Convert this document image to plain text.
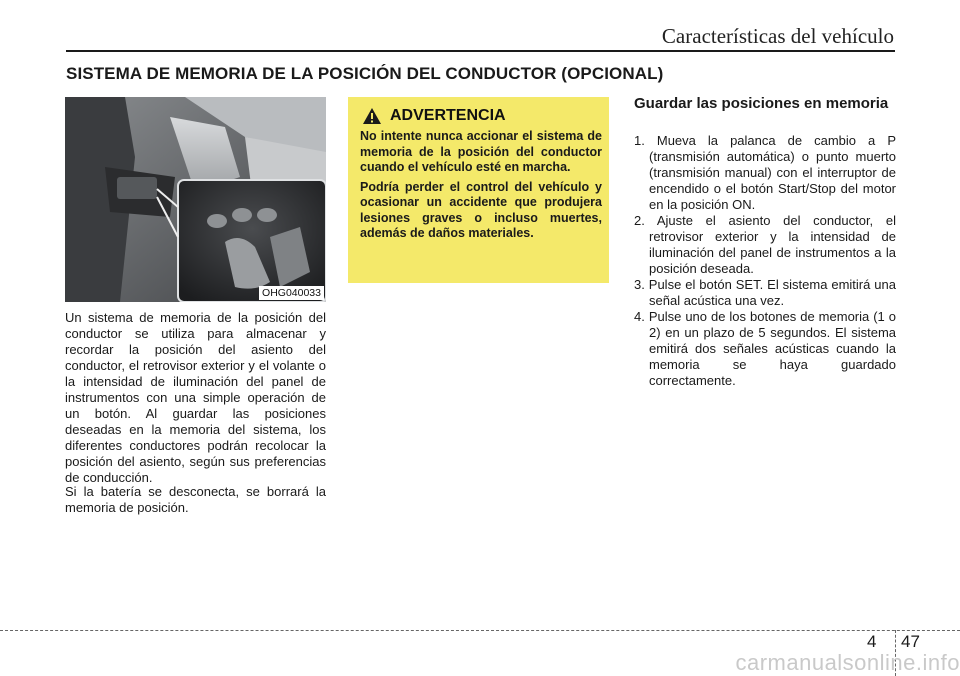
Características del vehículo
SISTEMA DE MEMORIA DE LA POSICIÓN DEL CONDUCTOR (OPCIONAL)
OHG040033
Un sistema de memoria de la posición del conductor se utiliza para almacenar y recordar la posición del asiento del conductor, el retrovisor exterior y el volante o la intensidad de iluminación del panel de instrumentos con una simple operación de un botón. Al guardar las posiciones deseadas en la memoria del sistema, los diferentes conductores podrán recolocar la posición del asiento, según sus preferencias de conducción.
Si la batería se desconecta, se borrará la memoria de posición.
ADVERTENCIA

No intente nunca accionar el sistema de memoria de la posición del conductor cuando el vehículo esté en marcha.

Podría perder el control del vehículo y ocasionar un accidente que produjera lesiones graves o incluso muertes, además de daños materiales.

Guardar las posiciones en memoria
1. Mueva la palanca de cambio a P (transmisión automática) o punto muerto (transmisión manual) con el interruptor de encendido o el botón Start/Stop del motor en la posición ON.
2. Ajuste el asiento del conductor, el retrovisor exterior y la intensidad de iluminación del panel de instrumentos a la posición deseada.
3. Pulse el botón SET. El sistema emitirá una señal acústica una vez.
4. Pulse uno de los botones de memoria (1 o 2) en un plazo de 5 segundos. El sistema emitirá dos señales acústicas cuando la memoria se haya guardado correctamente.
4 47
carmanualsonline.info
